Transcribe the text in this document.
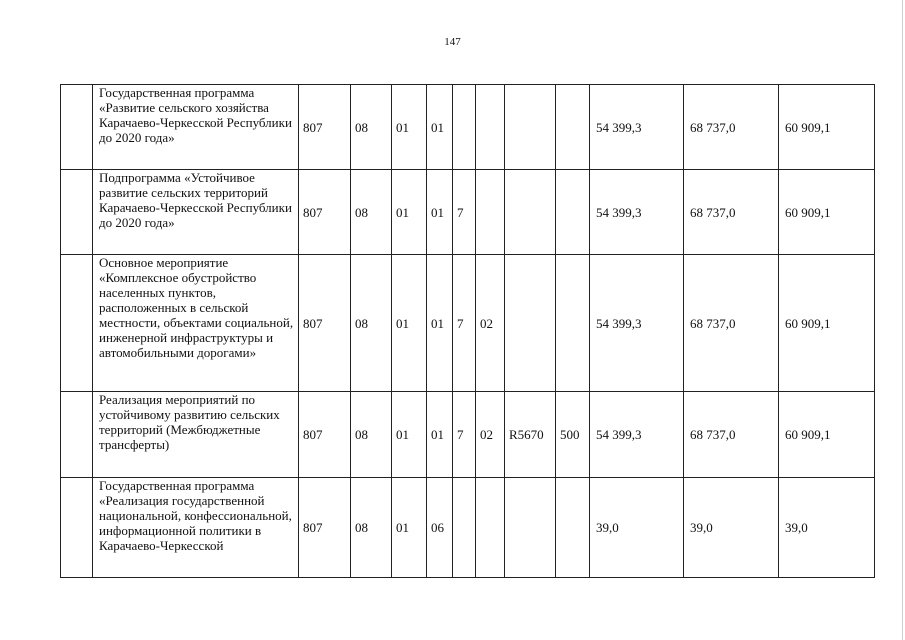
147
	Государственная программа «Развитие сельского хозяйства Карачаево-Черкесской Республики до 2020 года»	807	08	01	01					54 399,3	68 737,0	60 909,1
	Подпрограмма «Устойчивое развитие сельских территорий Карачаево-Черкесской Республики до 2020 года»	807	08	01	01	7				54 399,3	68 737,0	60 909,1
	Основное мероприятие «Комплексное обустройство населенных пунктов, расположенных в сельской местности, объектами социальной, инженерной инфраструктуры и автомобильными дорогами»	807	08	01	01	7	02			54 399,3	68 737,0	60 909,1
	Реализация мероприятий по устойчивому развитию сельских территорий (Межбюджетные трансферты)	807	08	01	01	7	02	R5670	500	54 399,3	68 737,0	60 909,1
	Государственная программа «Реализация государственной национальной, конфессиональной, информационной политики в Карачаево-Черкесской	807	08	01	06					39,0	39,0	39,0
